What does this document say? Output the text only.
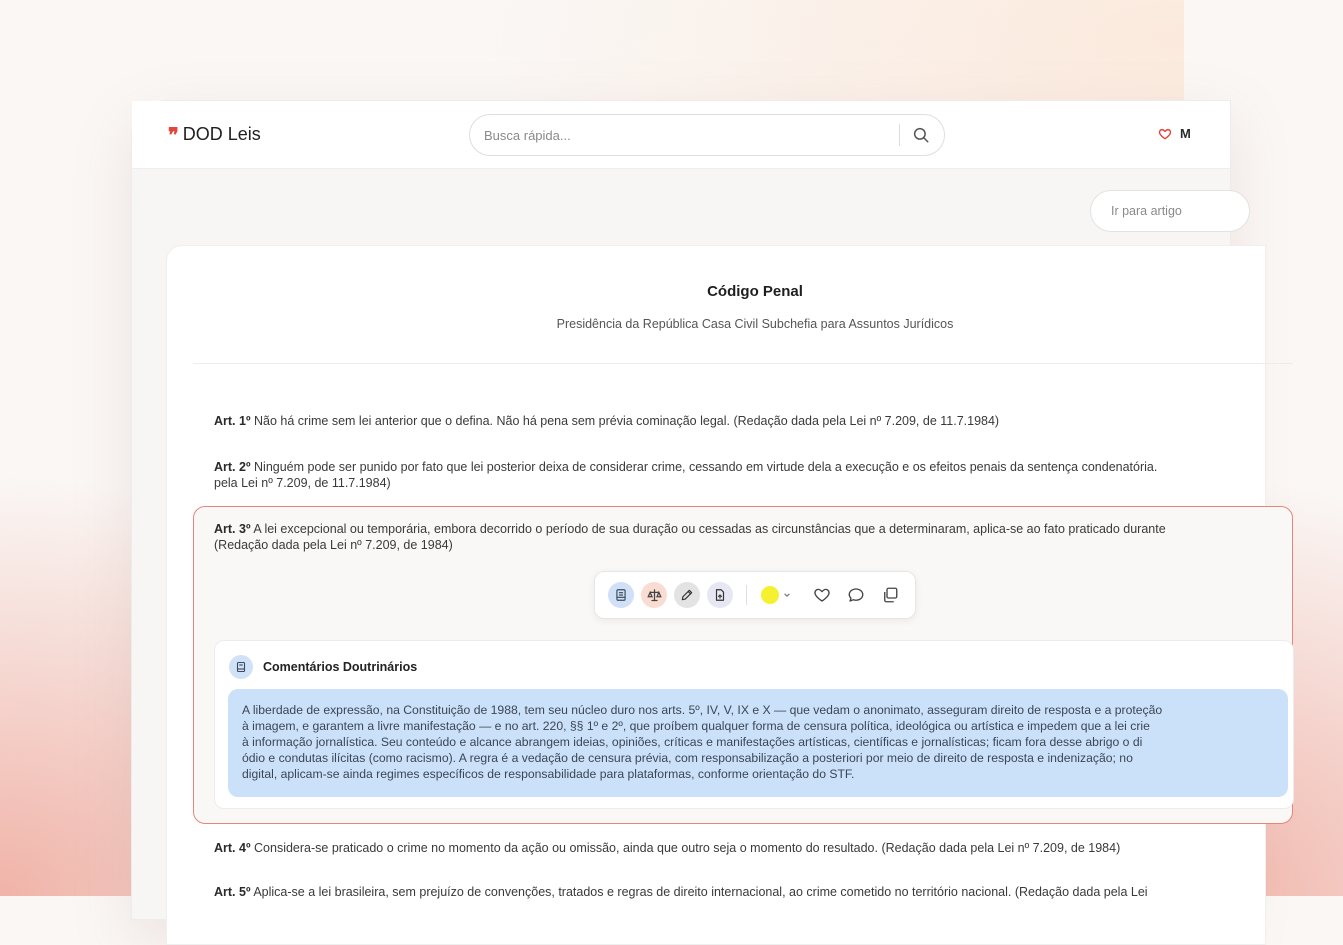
❞ DOD Leis
Busca rápida...	M
Ir para artigo
Código Penal
Presidência da República Casa Civil Subchefia para Assuntos Jurídicos
Art. 1º Não há crime sem lei anterior que o defina. Não há pena sem prévia cominação legal. (Redação dada pela Lei nº 7.209, de 11.7.1984)
Art. 2º Ninguém pode ser punido por fato que lei posterior deixa de considerar crime, cessando em virtude dela a execução e os efeitos penais da sentença condenatória.
pela Lei nº 7.209, de 11.7.1984)
Art. 3º A lei excepcional ou temporária, embora decorrido o período de sua duração ou cessadas as circunstâncias que a determinaram, aplica-se ao fato praticado durante
(Redação dada pela Lei nº 7.209, de 1984)
Comentários Doutrinários
A liberdade de expressão, na Constituição de 1988, tem seu núcleo duro nos arts. 5º, IV, V, IX e X — que vedam o anonimato, asseguram direito de resposta e a proteção
à imagem, e garantem a livre manifestação — e no art. 220, §§ 1º e 2º, que proíbem qualquer forma de censura política, ideológica ou artística e impedem que a lei crie
à informação jornalística. Seu conteúdo e alcance abrangem ideias, opiniões, críticas e manifestações artísticas, científicas e jornalísticas; ficam fora desse abrigo o di
ódio e condutas ilícitas (como racismo). A regra é a vedação de censura prévia, com responsabilização a posteriori por meio de direito de resposta e indenização; no
digital, aplicam-se ainda regimes específicos de responsabilidade para plataformas, conforme orientação do STF.
Art. 4º Considera-se praticado o crime no momento da ação ou omissão, ainda que outro seja o momento do resultado. (Redação dada pela Lei nº 7.209, de 1984)
Art. 5º Aplica-se a lei brasileira, sem prejuízo de convenções, tratados e regras de direito internacional, ao crime cometido no território nacional. (Redação dada pela Lei
